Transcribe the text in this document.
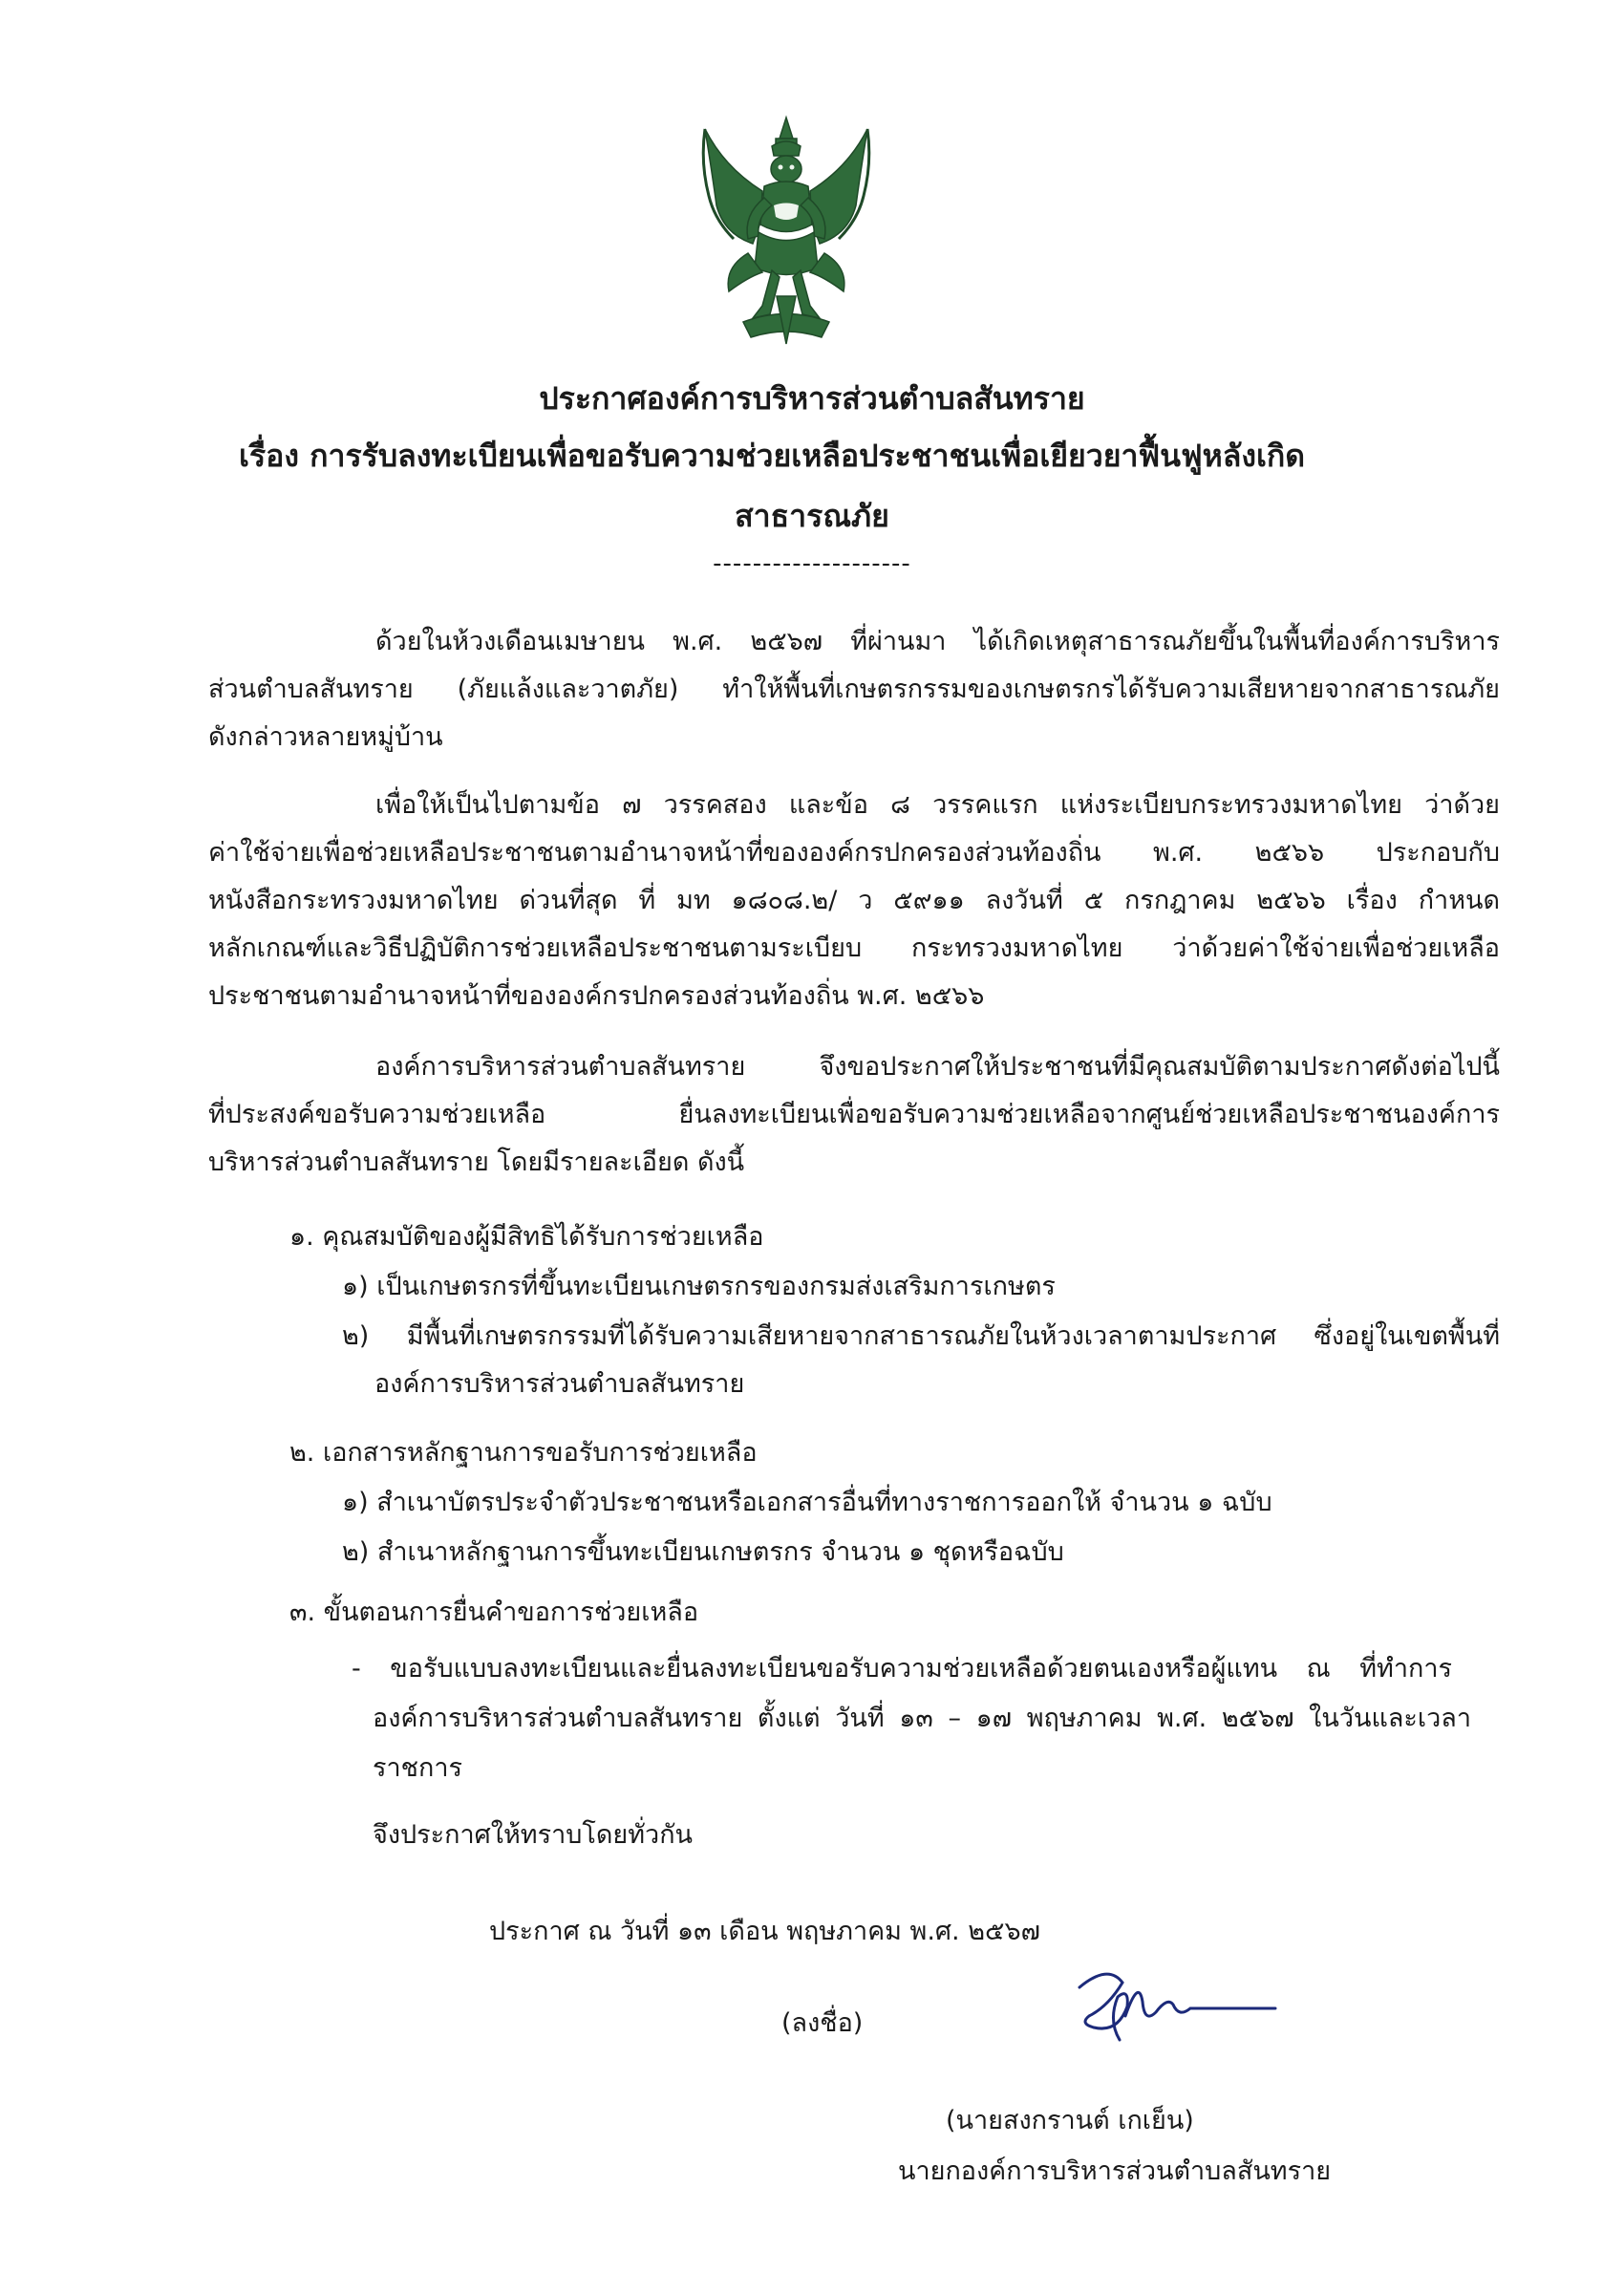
ประกาศองค์การบริหารส่วนตำบลสันทราย
เรื่อง การรับลงทะเบียนเพื่อขอรับความช่วยเหลือประชาชนเพื่อเยียวยาฟื้นฟูหลังเกิด
สาธารณภัย
--------------------
ด้วยในห้วงเดือนเมษายน พ.ศ. ๒๕๖๗ ที่ผ่านมา ได้เกิดเหตุสาธารณภัยขึ้นในพื้นที่องค์การบริหาร
ส่วนตำบลสันทราย (ภัยแล้งและวาตภัย) ทำให้พื้นที่เกษตรกรรมของเกษตรกรได้รับความเสียหายจากสาธารณภัย
ดังกล่าวหลายหมู่บ้าน
เพื่อให้เป็นไปตามข้อ ๗ วรรคสอง และข้อ ๘ วรรคแรก แห่งระเบียบกระทรวงมหาดไทย ว่าด้วย
ค่าใช้จ่ายเพื่อช่วยเหลือประชาชนตามอำนาจหน้าที่ขององค์กรปกครองส่วนท้องถิ่น พ.ศ. ๒๕๖๖ ประกอบกับ
หนังสือกระทรวงมหาดไทย ด่วนที่สุด ที่ มท ๑๘๐๘.๒/ ว ๕๙๑๑ ลงวันที่ ๕ กรกฎาคม ๒๕๖๖ เรื่อง กำหนด
หลักเกณฑ์และวิธีปฏิบัติการช่วยเหลือประชาชนตามระเบียบ กระทรวงมหาดไทย ว่าด้วยค่าใช้จ่ายเพื่อช่วยเหลือ
ประชาชนตามอำนาจหน้าที่ขององค์กรปกครองส่วนท้องถิ่น พ.ศ. ๒๕๖๖
องค์การบริหารส่วนตำบลสันทราย จึงขอประกาศให้ประชาชนที่มีคุณสมบัติตามประกาศดังต่อไปนี้
ที่ประสงค์ขอรับความช่วยเหลือ ยื่นลงทะเบียนเพื่อขอรับความช่วยเหลือจากศูนย์ช่วยเหลือประชาชนองค์การ
บริหารส่วนตำบลสันทราย โดยมีรายละเอียด ดังนี้
๑. คุณสมบัติของผู้มีสิทธิได้รับการช่วยเหลือ
๑) เป็นเกษตรกรที่ขึ้นทะเบียนเกษตรกรของกรมส่งเสริมการเกษตร
๒) มีพื้นที่เกษตรกรรมที่ได้รับความเสียหายจากสาธารณภัยในห้วงเวลาตามประกาศ ซึ่งอยู่ในเขตพื้นที่
องค์การบริหารส่วนตำบลสันทราย
๒. เอกสารหลักฐานการขอรับการช่วยเหลือ
๑) สำเนาบัตรประจำตัวประชาชนหรือเอกสารอื่นที่ทางราชการออกให้ จำนวน ๑ ฉบับ
๒) สำเนาหลักฐานการขึ้นทะเบียนเกษตรกร จำนวน ๑ ชุดหรือฉบับ
๓. ขั้นตอนการยื่นคำขอการช่วยเหลือ
- ขอรับแบบลงทะเบียนและยื่นลงทะเบียนขอรับความช่วยเหลือด้วยตนเองหรือผู้แทน ณ ที่ทำการ
องค์การบริหารส่วนตำบลสันทราย ตั้งแต่ วันที่ ๑๓ – ๑๗ พฤษภาคม พ.ศ. ๒๕๖๗ ในวันและเวลา
ราชการ
จึงประกาศให้ทราบโดยทั่วกัน
ประกาศ ณ วันที่ ๑๓ เดือน พฤษภาคม พ.ศ. ๒๕๖๗
(ลงชื่อ)
(นายสงกรานต์ เกเย็น)
นายกองค์การบริหารส่วนตำบลสันทราย
